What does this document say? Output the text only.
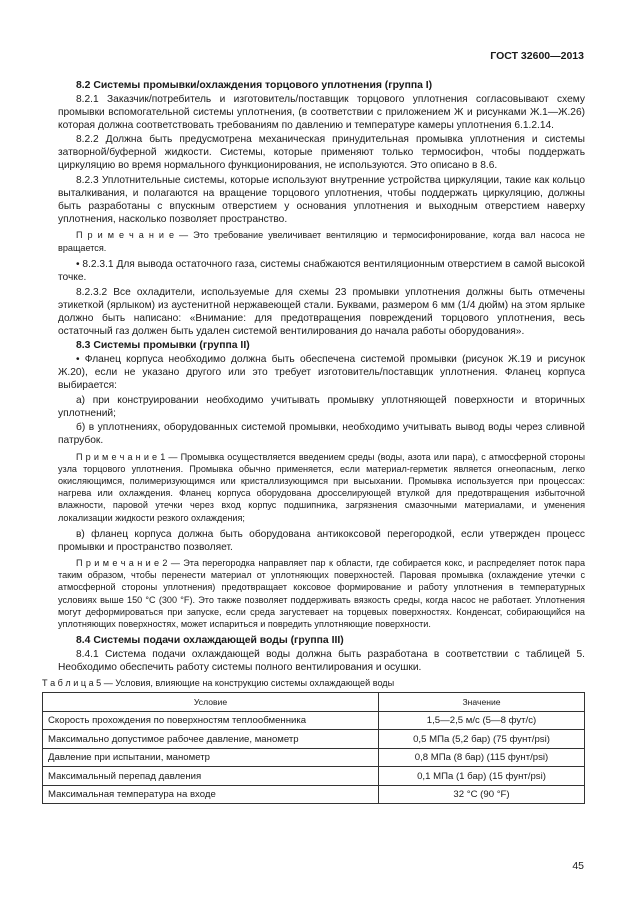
ГОСТ 32600—2013
8.2 Системы промывки/охлаждения торцового уплотнения (группа I)

8.2.1 Заказчик/потребитель и изготовитель/поставщик торцового уплотнения согласовывают схему промывки вспомогательной системы уплотнения, (в соответствии с приложением Ж и рисунками Ж.1—Ж.26) которая должна соответствовать требованиям по давлению и температуре камеры уплотнения 6.1.2.14.

8.2.2 Должна быть предусмотрена механическая принудительная промывка уплотнения и системы затворной/буферной жидкости. Системы, которые применяют только термосифон, чтобы поддержать циркуляцию во время нормального функционирования, не используются. Это описано в 8.6.

8.2.3 Уплотнительные системы, которые используют внутренние устройства циркуляции, такие как кольцо выталкивания, и полагаются на вращение торцового уплотнения, чтобы поддержать циркуляцию, должны быть разработаны с впускным отверстием у основания уплотнения и выходным отверстием наверху уплотнения, насколько позволяет пространство.

П р и м е ч а н и е — Это требование увеличивает вентиляцию и термосифонирование, когда вал насоса не вращается.

• 8.2.3.1 Для вывода остаточного газа, системы снабжаются вентиляционным отверстием в самой высокой точке.

8.2.3.2 Все охладители, используемые для схемы 23 промывки уплотнения должны быть отмечены этикеткой (ярлыком) из аустенитной нержавеющей стали. Буквами, размером 6 мм (1/4 дюйм) на этом ярлыке должно быть написано: «Внимание: для предотвращения повреждений торцового уплотнения, весь остаточный газ должен быть удален системой вентилирования до начала работы оборудования».

8.3 Системы промывки (группа II)

• Фланец корпуса необходимо должна быть обеспечена системой промывки (рисунок Ж.19 и рисунок Ж.20), если не указано другого или это требует изготовитель/поставщик уплотнения. Фланец корпуса выбирается:

а) при конструировании необходимо учитывать промывку уплотняющей поверхности и вторичных уплотнений;

б) в уплотнениях, оборудованных системой промывки, необходимо учитывать вывод воды через сливной патрубок.

П р и м е ч а н и е 1 — Промывка осуществляется введением среды (воды, азота или пара), с атмосферной стороны узла торцового уплотнения. Промывка обычно применяется, если материал-герметик является огнеопасным, легко окисляющимся, полимеризующимся или кристаллизующимся при высыхании. Промывка используется при процессах: нагрева или охлаждения. Фланец корпуса оборудована дросселирующей втулкой для предотвращения избыточной влажности, паровой утечки через вход корпус подшипника, загрязнения смазочными материалами, и уменения локализации жидкости резкого охлаждения;

в) фланец корпуса должна быть оборудована антикоксовой перегородкой, если утвержден процесс промывки и пространство позволяет.

П р и м е ч а н и е 2 — Эта перегородка направляет пар к области, где собирается кокс, и распределяет поток пара таким образом, чтобы перенести материал от уплотняющих поверхностей. Паровая промывка (охлаждение утечки с атмосферной стороны уплотнения) предотвращает коксовое формирование и работу уплотнения в температурных условиях выше 150 °С (300 °F). Это также позволяет поддерживать вязкость среды, когда насос не работает. Уплотнения могут деформироваться при запуске, если среда загустевает на торцевых поверхностях. Конденсат, собирающийся на уплотняющих поверхностях, может испариться и повредить уплотняющие поверхности.

8.4 Системы подачи охлаждающей воды (группа III)

8.4.1 Система подачи охлаждающей воды должна быть разработана в соответствии с таблицей 5. Необходимо обеспечить работу системы полного вентилирования и осушки.

Т а б л и ц а 5 — Условия, влияющие на конструкцию системы охлаждающей воды
Условие	Значение
Скорость прохождения по поверхностям теплообменника	1,5—2,5 м/с (5—8 фут/с)
Максимально допустимое рабочее давление, манометр	0,5 МПа (5,2 бар) (75 фунт/psi)
Давление при испытании, манометр	0,8 МПа (8 бар) (115 фунт/psi)
Максимальный перепад давления	0,1 МПа (1 бар) (15 фунт/psi)
Максимальная температура на входе	32 °С (90 °F)
45
